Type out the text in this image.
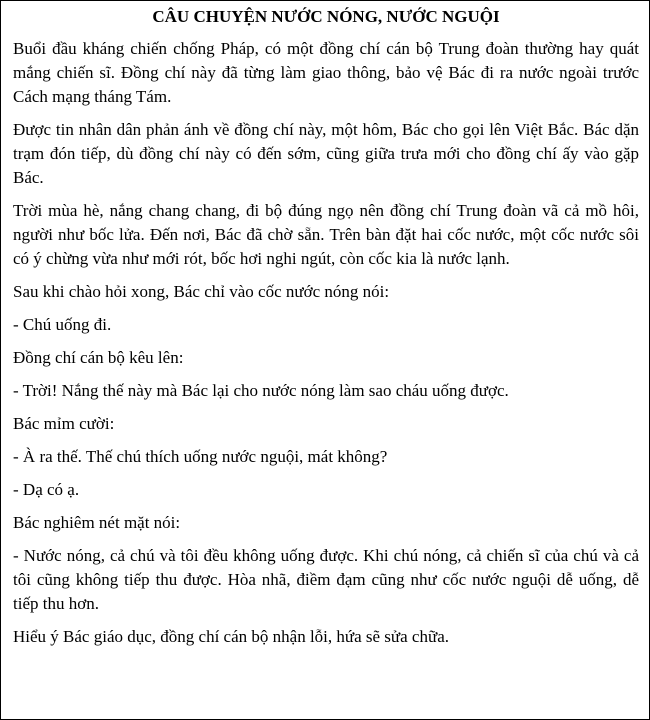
CÂU CHUYỆN NƯỚC NÓNG, NƯỚC NGUỘI

Buổi đầu kháng chiến chống Pháp, có một đồng chí cán bộ Trung đoàn thường hay quát mắng chiến sĩ. Đồng chí này đã từng làm giao thông, bảo vệ Bác đi ra nước ngoài trước Cách mạng tháng Tám.

Được tin nhân dân phản ánh về đồng chí này, một hôm, Bác cho gọi lên Việt Bắc. Bác dặn trạm đón tiếp, dù đồng chí này có đến sớm, cũng giữa trưa mới cho đồng chí ấy vào gặp Bác.

Trời mùa hè, nắng chang chang, đi bộ đúng ngọ nên đồng chí Trung đoàn vã cả mồ hôi, người như bốc lửa. Đến nơi, Bác đã chờ sẵn. Trên bàn đặt hai cốc nước, một cốc nước sôi có ý chừng vừa như mới rót, bốc hơi nghi ngút, còn cốc kia là nước lạnh.

Sau khi chào hỏi xong, Bác chỉ vào cốc nước nóng nói:

- Chú uống đi.

Đồng chí cán bộ kêu lên:

- Trời! Nắng thế này mà Bác lại cho nước nóng làm sao cháu uống được.

Bác mỉm cười:

- À ra thế. Thế chú thích uống nước nguội, mát không?

- Dạ có ạ.

Bác nghiêm nét mặt nói:

- Nước nóng, cả chú và tôi đều không uống được. Khi chú nóng, cả chiến sĩ của chú và cả tôi cũng không tiếp thu được. Hòa nhã, điềm đạm cũng như cốc nước nguội dễ uống, dễ tiếp thu hơn.

Hiểu ý Bác giáo dục, đồng chí cán bộ nhận lỗi, hứa sẽ sửa chữa.
